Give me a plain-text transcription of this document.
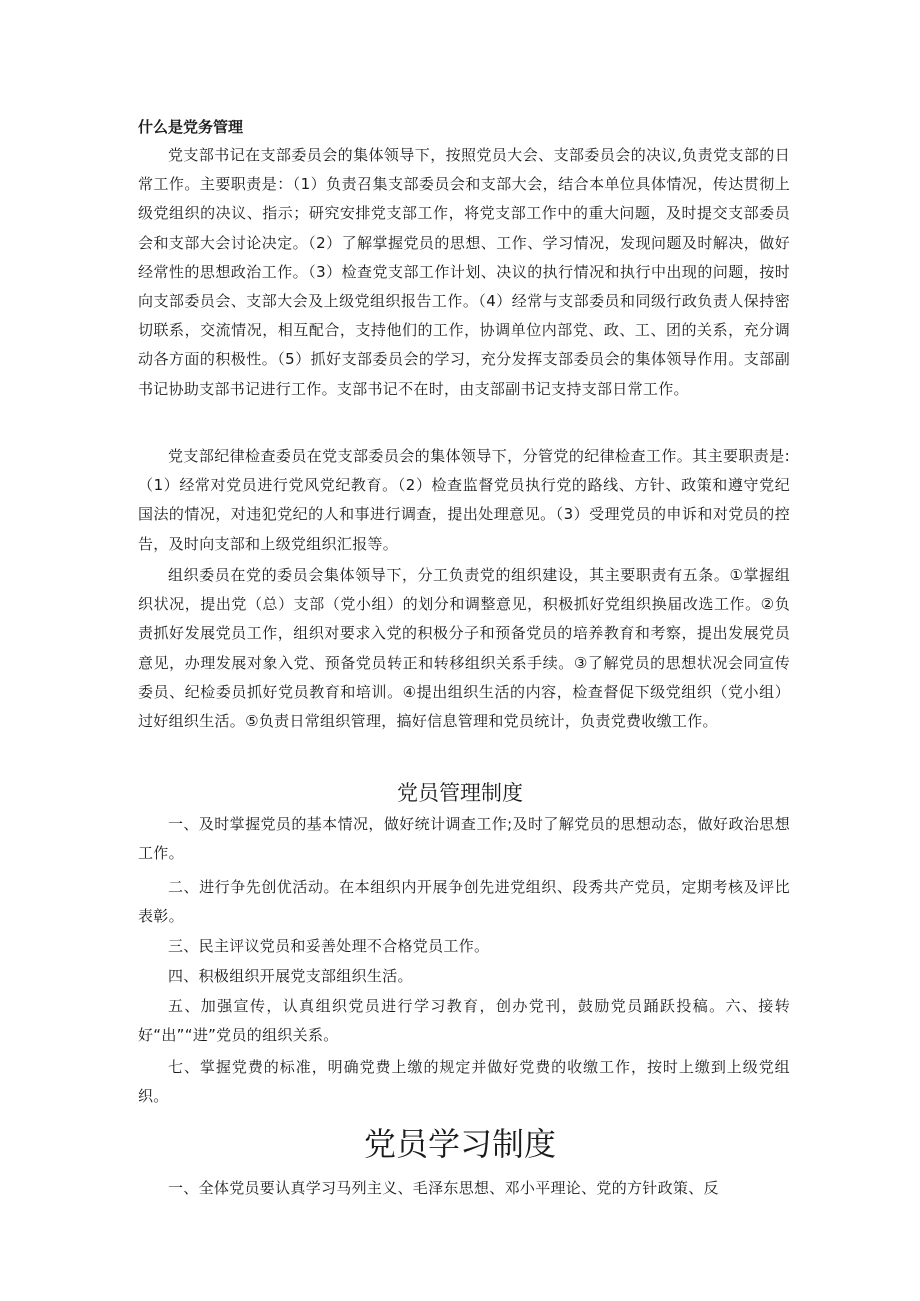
什么是党务管理

党支部书记在支部委员会的集体领导下，按照党员大会、支部委员会的决议,负责党支部的日常工作。主要职责是：（1）负责召集支部委员会和支部大会，结合本单位具体情况，传达贯彻上级党组织的决议、指示；研究安排党支部工作，将党支部工作中的重大问题，及时提交支部委员会和支部大会讨论决定。（2）了解掌握党员的思想、工作、学习情况，发现问题及时解决，做好经常性的思想政治工作。（3）检查党支部工作计划、决议的执行情况和执行中出现的问题，按时向支部委员会、支部大会及上级党组织报告工作。（4）经常与支部委员和同级行政负责人保持密切联系，交流情况，相互配合，支持他们的工作，协调单位内部党、政、工、团的关系，充分调动各方面的积极性。（5）抓好支部委员会的学习，充分发挥支部委员会的集体领导作用。支部副书记协助支部书记进行工作。支部书记不在时，由支部副书记支持支部日常工作。

党支部纪律检查委员在党支部委员会的集体领导下，分管党的纪律检查工作。其主要职责是:（1）经常对党员进行党风党纪教育。（2）检查监督党员执行党的路线、方针、政策和遵守党纪国法的情况，对违犯党纪的人和事进行调查，提出处理意见。（3）受理党员的申诉和对党员的控告，及时向支部和上级党组织汇报等。

组织委员在党的委员会集体领导下，分工负责党的组织建设，其主要职责有五条。①掌握组织状况，提出党（总）支部（党小组）的划分和调整意见，积极抓好党组织换届改选工作。②负责抓好发展党员工作，组织对要求入党的积极分子和预备党员的培养教育和考察，提出发展党员意见，办理发展对象入党、预备党员转正和转移组织关系手续。③了解党员的思想状况会同宣传委员、纪检委员抓好党员教育和培训。④提出组织生活的内容，检查督促下级党组织（党小组）过好组织生活。⑤负责日常组织管理，搞好信息管理和党员统计，负责党费收缴工作。

党员管理制度

一、及时掌握党员的基本情况，做好统计调查工作;及时了解党员的思想动态，做好政治思想工作。

二、进行争先创优活动。在本组织内开展争创先进党组织、段秀共产党员，定期考核及评比表彰。

三、民主评议党员和妥善处理不合格党员工作。

四、积极组织开展党支部组织生活。

五、加强宣传，认真组织党员进行学习教育，创办党刊，鼓励党员踊跃投稿。六、接转好“出”“进”党员的组织关系。

七、掌握党费的标准，明确党费上缴的规定并做好党费的收缴工作，按时上缴到上级党组织。

党员学习制度

一、全体党员要认真学习马列主义、毛泽东思想、邓小平理论、党的方针政策、反
